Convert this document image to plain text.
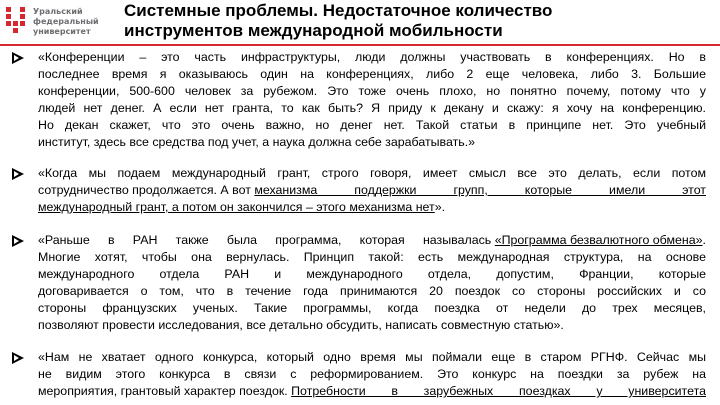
Уральский
федеральный
университет
Системные проблемы. Недостаточное количество
инструментов международной мобильности
«Конференции – это часть инфраструктуры, люди должны участвовать в конференциях. Но в
последнее время я оказываюсь один на конференциях, либо 2 еще человека, либо 3. Большие
конференции, 500-600 человек за рубежом. Это тоже очень плохо, но понятно почему, потому что у
людей нет денег. А если нет гранта, то как быть? Я приду к декану и скажу: я хочу на конференцию.
Но декан скажет, что это очень важно, но денег нет. Такой статьи в принципе нет. Это учебный
институт, здесь все средства под учет, а наука должна себе зарабатывать.»
«Когда мы подаем международный грант, строго говоря, имеет смысл все это делать, если потом
сотрудничество продолжается. А вот механизма поддержки групп, которые имели этот
международный грант, а потом он закончился – этого механизма нет».
«Раньше в РАН также была программа, которая называлась «Программа безвалютного обмена» .
Многие хотят, чтобы она вернулась. Принцип такой: есть международная структура, на основе
международного отдела РАН и международного отдела, допустим, Франции, которые
договаривается о том, что в течение года принимаются 20 поездок со стороны российских и со
стороны французских ученых. Такие программы, когда поездка от недели до трех месяцев,
позволяют провести исследования, все детально обсудить, написать совместную статью».
«Нам не хватает одного конкурса, который одно время мы поймали еще в старом РГНФ. Сейчас мы
не видим этого конкурса в связи с реформированием. Это конкурс на поездки за рубеж на
мероприятия, грантовый характер поездок. Потребности в зарубежных поездках у университета
